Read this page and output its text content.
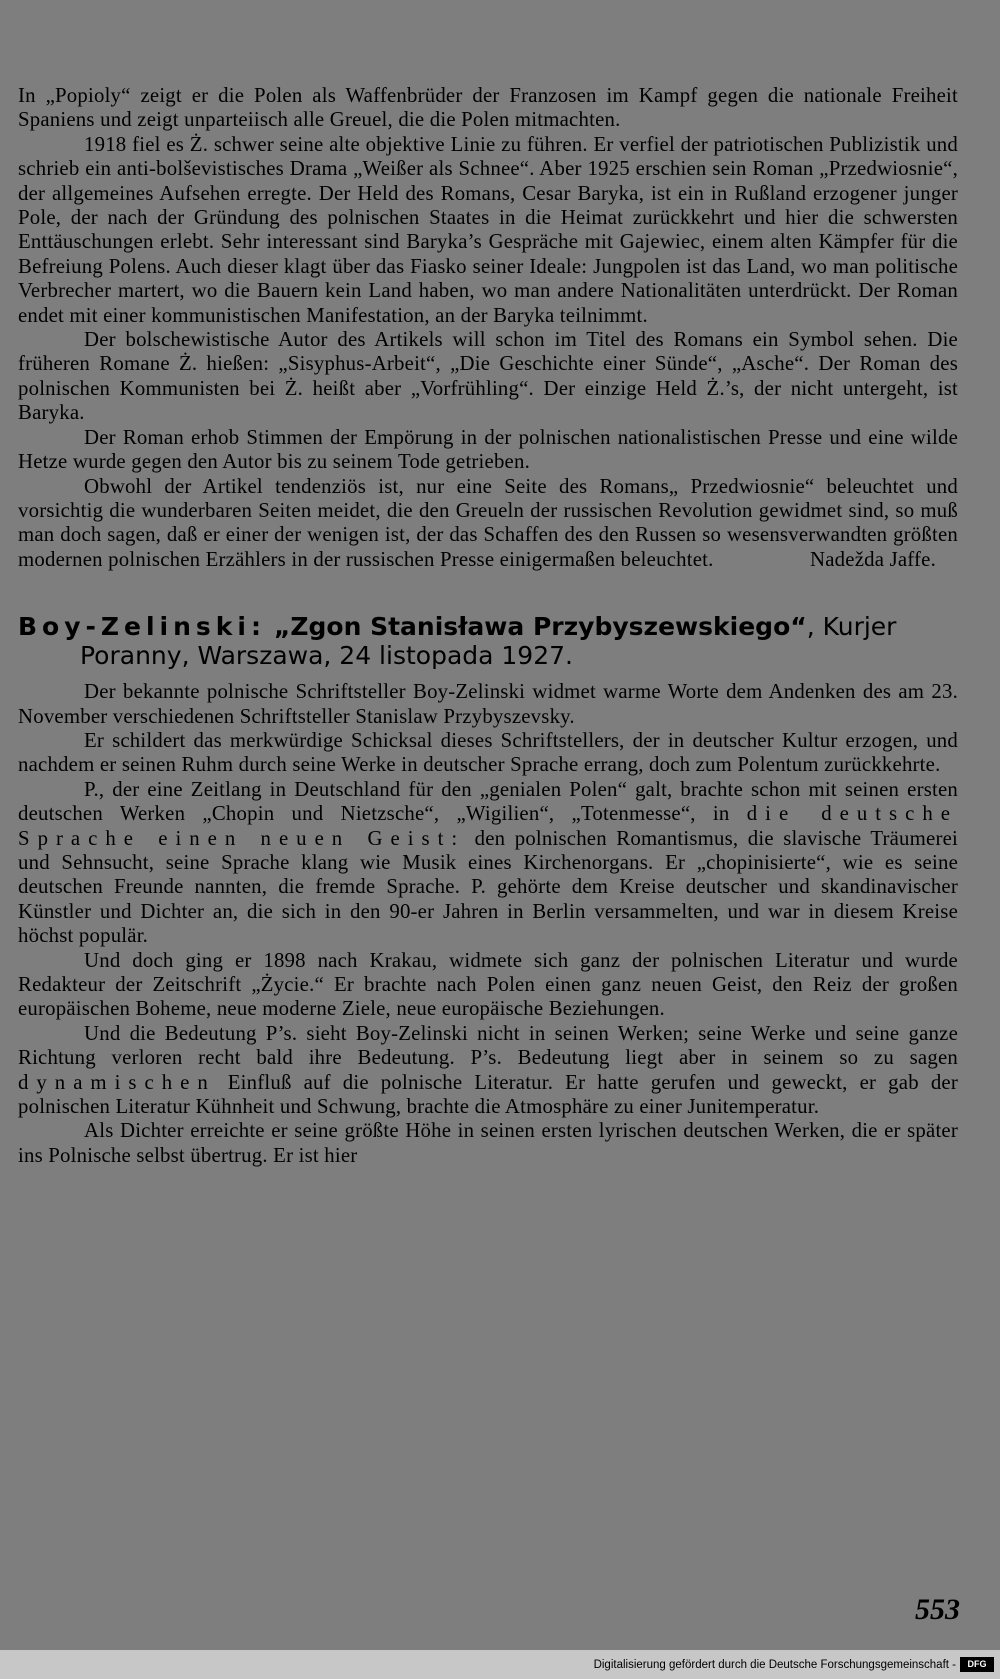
In „Popioly“ zeigt er die Polen als Waffenbrüder der Franzosen im Kampf gegen die nationale Freiheit Spaniens und zeigt unparteiisch alle Greuel, die die Polen mitmachten.

1918 fiel es Ż. schwer seine alte objektive Linie zu führen. Er verfiel der patriotischen Publizistik und schrieb ein anti-bolševistisches Drama „Weißer als Schnee“. Aber 1925 erschien sein Roman „Przedwiosnie“, der allgemeines Aufsehen erregte. Der Held des Romans, Cesar Baryka, ist ein in Rußland erzogener junger Pole, der nach der Gründung des polnischen Staates in die Heimat zurückkehrt und hier die schwersten Enttäuschungen erlebt. Sehr interessant sind Baryka’s Gespräche mit Gajewiec, einem alten Kämpfer für die Befreiung Polens. Auch dieser klagt über das Fiasko seiner Ideale: Jungpolen ist das Land, wo man politische Verbrecher martert, wo die Bauern kein Land haben, wo man andere Nationalitäten unterdrückt. Der Roman endet mit einer kommunistischen Manifestation, an der Baryka teilnimmt.

Der bolschewistische Autor des Artikels will schon im Titel des Romans ein Symbol sehen. Die früheren Romane Ż. hießen: „Sisyphus-Arbeit“, „Die Geschichte einer Sünde“, „Asche“. Der Roman des polnischen Kommunisten bei Ż. heißt aber „Vorfrühling“. Der einzige Held Ż.’s, der nicht untergeht, ist Baryka.

Der Roman erhob Stimmen der Empörung in der polnischen nationalistischen Presse und eine wilde Hetze wurde gegen den Autor bis zu seinem Tode getrieben.

Obwohl der Artikel tendenziös ist, nur eine Seite des Romans„ Przedwiosnie“ beleuchtet und vorsichtig die wunderbaren Seiten meidet, die den Greueln der russischen Revolution gewidmet sind, so muß man doch sagen, daß er einer der wenigen ist, der das Schaffen des den Russen so wesensverwandten größten modernen polnischen Erzählers in der russischen Presse einigermaßen beleuchtet.	Nadežda Jaffe.

Boy-Zelinski: „Zgon Stanisława Przybyszewskiego“, Kurjer Poranny, Warszawa, 24 listopada 1927.

Der bekannte polnische Schriftsteller Boy-Zelinski widmet warme Worte dem Andenken des am 23. November verschiedenen Schriftsteller Stanislaw Przybyszevsky.

Er schildert das merkwürdige Schicksal dieses Schriftstellers, der in deutscher Kultur erzogen, und nachdem er seinen Ruhm durch seine Werke in deutscher Sprache errang, doch zum Polentum zurückkehrte.

P., der eine Zeitlang in Deutschland für den „genialen Polen“ galt, brachte schon mit seinen ersten deutschen Werken „Chopin und Nietzsche“, „Wigilien“, „Totenmesse“, in die deutsche Sprache einen neuen Geist: den polnischen Romantismus, die slavische Träumerei und Sehnsucht, seine Sprache klang wie Musik eines Kirchenorgans. Er „chopinisierte“, wie es seine deutschen Freunde nannten, die fremde Sprache. P. gehörte dem Kreise deutscher und skandinavischer Künstler und Dichter an, die sich in den 90-er Jahren in Berlin versammelten, und war in diesem Kreise höchst populär.

Und doch ging er 1898 nach Krakau, widmete sich ganz der polnischen Literatur und wurde Redakteur der Zeitschrift „Życie.“ Er brachte nach Polen einen ganz neuen Geist, den Reiz der großen europäischen Boheme, neue moderne Ziele, neue europäische Beziehungen.

Und die Bedeutung P’s. sieht Boy-Zelinski nicht in seinen Werken; seine Werke und seine ganze Richtung verloren recht bald ihre Bedeutung. P’s. Bedeutung liegt aber in seinem so zu sagen dynamischen Einfluß auf die polnische Literatur. Er hatte gerufen und geweckt, er gab der polnischen Literatur Kühnheit und Schwung, brachte die Atmosphäre zu einer Junitemperatur.

Als Dichter erreichte er seine größte Höhe in seinen ersten lyrischen deutschen Werken, die er später ins Polnische selbst übertrug. Er ist hier

553
Digitalisierung gefördert durch die Deutsche Forschungsgemeinschaft -	DFG
